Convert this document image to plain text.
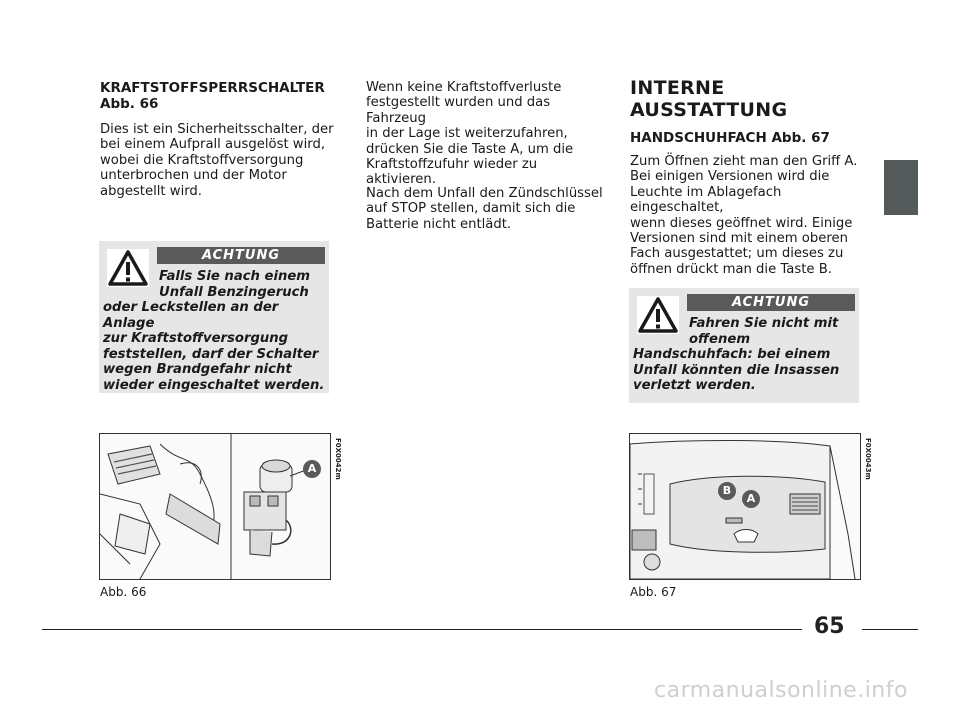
KRAFTSTOFFSPERRSCHALTER
Abb. 66
Dies ist ein Sicherheitsschalter, der
bei einem Aufprall ausgelöst wird,
wobei die Kraftstoffversorgung
unterbrochen und der Motor
abgestellt wird.
ACHTUNG
Falls Sie nach einem
Unfall Benzingeruch
oder Leckstellen an der Anlage
zur Kraftstoffversorgung
feststellen, darf der Schalter
wegen Brandgefahr nicht
wieder eingeschaltet werden.
A	F0X0042m
Abb. 66
Wenn keine Kraftstoffverluste
festgestellt wurden und das Fahrzeug
in der Lage ist weiterzufahren,
drücken Sie die Taste A, um die
Kraftstoffzufuhr wieder zu
aktivieren.
Nach dem Unfall den Zündschlüssel
auf STOP stellen, damit sich die
Batterie nicht entlädt.
INTERNE
AUSSTATTUNG
HANDSCHUHFACH Abb. 67
Zum Öffnen zieht man den Griff A.
Bei einigen Versionen wird die
Leuchte im Ablagefach eingeschaltet,
wenn dieses geöffnet wird. Einige
Versionen sind mit einem oberen
Fach ausgestattet; um dieses zu
öffnen drückt man die Taste B.
ACHTUNG
Fahren Sie nicht mit
offenem
Handschuhfach: bei einem
Unfall könnten die Insassen
verletzt werden.
B
A
F0X0043m
Abb. 67
65
carmanualsonline.info
